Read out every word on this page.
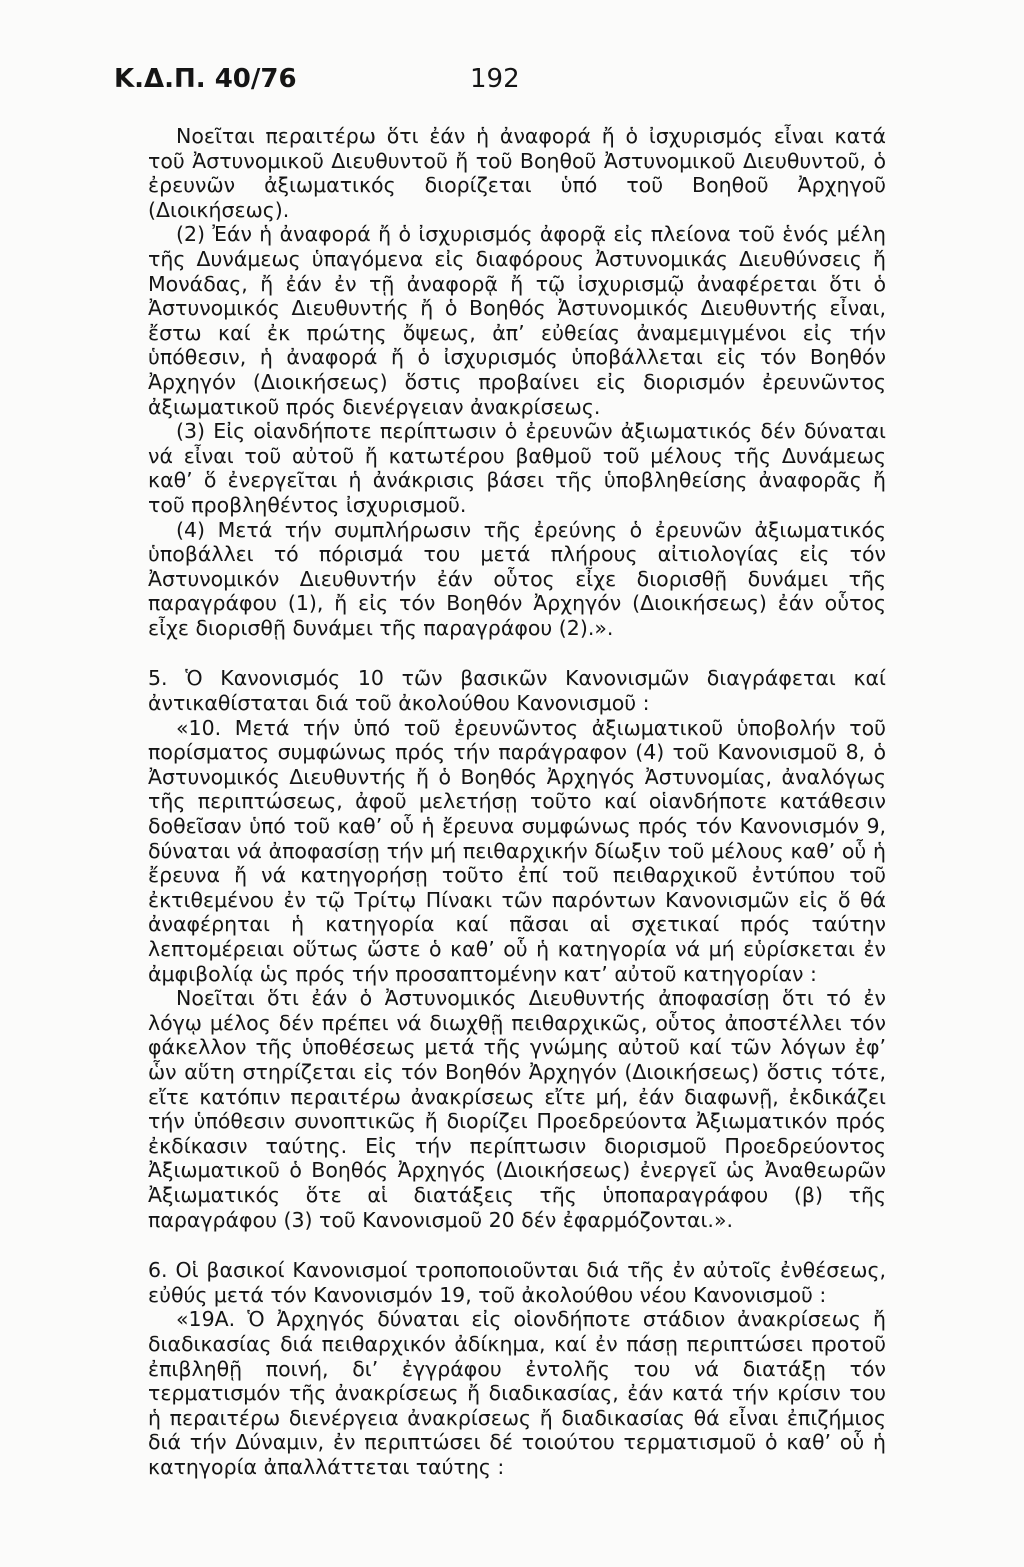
Κ.Δ.Π. 40/76	192

Νοεῖται περαιτέρω ὅτι ἐάν ἡ ἀναφορά ἤ ὁ ἰσχυρισμός εἶναι κατά τοῦ Ἀστυνομικοῦ Διευθυντοῦ ἤ τοῦ Βοηθοῦ Ἀστυνομικοῦ Διευθυντοῦ, ὁ ἐρευνῶν ἀξιωματικός διορίζεται ὑπό τοῦ Βοηθοῦ Ἀρχηγοῦ (Διοικήσεως).

(2) Ἐάν ἡ ἀναφορά ἤ ὁ ἰσχυρισμός ἀφορᾷ εἰς πλείονα τοῦ ἑνός μέλη τῆς Δυνάμεως ὑπαγόμενα εἰς διαφόρους Ἀστυνομικάς Διευθύνσεις ἤ Μονάδας, ἤ ἐάν ἐν τῇ ἀναφορᾷ ἤ τῷ ἰσχυρισμῷ ἀναφέρεται ὅτι ὁ Ἀστυνομικός Διευθυντής ἤ ὁ Βοηθός Ἀστυνομικός Διευθυντής εἶναι, ἔστω καί ἐκ πρώτης ὄψεως, ἀπ’ εὐθείας ἀναμεμιγμένοι εἰς τήν ὑπόθεσιν, ἡ ἀναφορά ἤ ὁ ἰσχυρισμός ὑποβάλλεται εἰς τόν Βοηθόν Ἀρχηγόν (Διοικήσεως) ὅστις προβαίνει εἰς διορισμόν ἐρευνῶντος ἀξιωματικοῦ πρός διενέργειαν ἀνακρίσεως.

(3) Εἰς οἱανδήποτε περίπτωσιν ὁ ἐρευνῶν ἀξιωματικός δέν δύναται νά εἶναι τοῦ αὐτοῦ ἤ κατωτέρου βαθμοῦ τοῦ μέλους τῆς Δυνάμεως καθ’ ὅ ἐνεργεῖται ἡ ἀνάκρισις βάσει τῆς ὑποβληθείσης ἀναφορᾶς ἤ τοῦ προβληθέντος ἰσχυρισμοῦ.

(4) Μετά τήν συμπλήρωσιν τῆς ἐρεύνης ὁ ἐρευνῶν ἀξιωματικός ὑποβάλλει τό πόρισμά του μετά πλήρους αἰτιολογίας εἰς τόν Ἀστυνομικόν Διευθυντήν ἐάν οὗτος εἶχε διορισθῇ δυνάμει τῆς παραγράφου (1), ἤ εἰς τόν Βοηθόν Ἀρχηγόν (Διοικήσεως) ἐάν οὗτος εἶχε διορισθῇ δυνάμει τῆς παραγράφου (2).».

5. Ὁ Κανονισμός 10 τῶν βασικῶν Κανονισμῶν διαγράφεται καί ἀντικαθίσταται διά τοῦ ἀκολούθου Κανονισμοῦ :

«10. Μετά τήν ὑπό τοῦ ἐρευνῶντος ἀξιωματικοῦ ὑποβολήν τοῦ πορίσματος συμφώνως πρός τήν παράγραφον (4) τοῦ Κανονισμοῦ 8, ὁ Ἀστυνομικός Διευθυντής ἤ ὁ Βοηθός Ἀρχηγός Ἀστυνομίας, ἀναλόγως τῆς περιπτώσεως, ἀφοῦ μελετήσῃ τοῦτο καί οἱανδήποτε κατάθεσιν δοθεῖσαν ὑπό τοῦ καθ’ οὗ ἡ ἔρευνα συμφώνως πρός τόν Κανονισμόν 9, δύναται νά ἀποφασίσῃ τήν μή πειθαρχικήν δίωξιν τοῦ μέλους καθ’ οὗ ἡ ἔρευνα ἤ νά κατηγορήσῃ τοῦτο ἐπί τοῦ πειθαρχικοῦ ἐντύπου τοῦ ἐκτιθεμένου ἐν τῷ Τρίτῳ Πίνακι τῶν παρόντων Κανονισμῶν εἰς ὅ θά ἀναφέρηται ἡ κατηγορία καί πᾶσαι αἱ σχετικαί πρός ταύτην λεπτομέρειαι οὕτως ὥστε ὁ καθ’ οὗ ἡ κατηγορία νά μή εὑρίσκεται ἐν ἀμφιβολίᾳ ὡς πρός τήν προσαπτομένην κατ’ αὐτοῦ κατηγορίαν :

Νοεῖται ὅτι ἐάν ὁ Ἀστυνομικός Διευθυντής ἀποφασίσῃ ὅτι τό ἐν λόγῳ μέλος δέν πρέπει νά διωχθῇ πειθαρχικῶς, οὗτος ἀποστέλλει τόν φάκελλον τῆς ὑποθέσεως μετά τῆς γνώμης αὐτοῦ καί τῶν λόγων ἐφ’ ὧν αὕτη στηρίζεται εἰς τόν Βοηθόν Ἀρχηγόν (Διοικήσεως) ὅστις τότε, εἴτε κατόπιν περαιτέρω ἀνακρίσεως εἴτε μή, ἐάν διαφωνῇ, ἐκδικάζει τήν ὑπόθεσιν συνοπτικῶς ἤ διορίζει Προεδρεύοντα Ἀξιωματικόν πρός ἐκδίκασιν ταύτης. Εἰς τήν περίπτωσιν διορισμοῦ Προεδρεύοντος Ἀξιωματικοῦ ὁ Βοηθός Ἀρχηγός (Διοικήσεως) ἐνεργεῖ ὡς Ἀναθεωρῶν Ἀξιωματικός ὅτε αἱ διατάξεις τῆς ὑποπαραγράφου (β) τῆς παραγράφου (3) τοῦ Κανονισμοῦ 20 δέν ἐφαρμόζονται.».

6. Οἱ βασικοί Κανονισμοί τροποποιοῦνται διά τῆς ἐν αὐτοῖς ἐνθέσεως, εὐθύς μετά τόν Κανονισμόν 19, τοῦ ἀκολούθου νέου Κανονισμοῦ :

«19Α. Ὁ Ἀρχηγός δύναται εἰς οἱονδήποτε στάδιον ἀνακρίσεως ἤ διαδικασίας διά πειθαρχικόν ἀδίκημα, καί ἐν πάσῃ περιπτώσει προτοῦ ἐπιβληθῇ ποινή, δι’ ἐγγράφου ἐντολῆς του νά διατάξῃ τόν τερματισμόν τῆς ἀνακρίσεως ἤ διαδικασίας, ἐάν κατά τήν κρίσιν του ἡ περαιτέρω διενέργεια ἀνακρίσεως ἤ διαδικασίας θά εἶναι ἐπιζήμιος διά τήν Δύναμιν, ἐν περιπτώσει δέ τοιούτου τερματισμοῦ ὁ καθ’ οὗ ἡ κατηγορία ἀπαλλάττεται ταύτης :
